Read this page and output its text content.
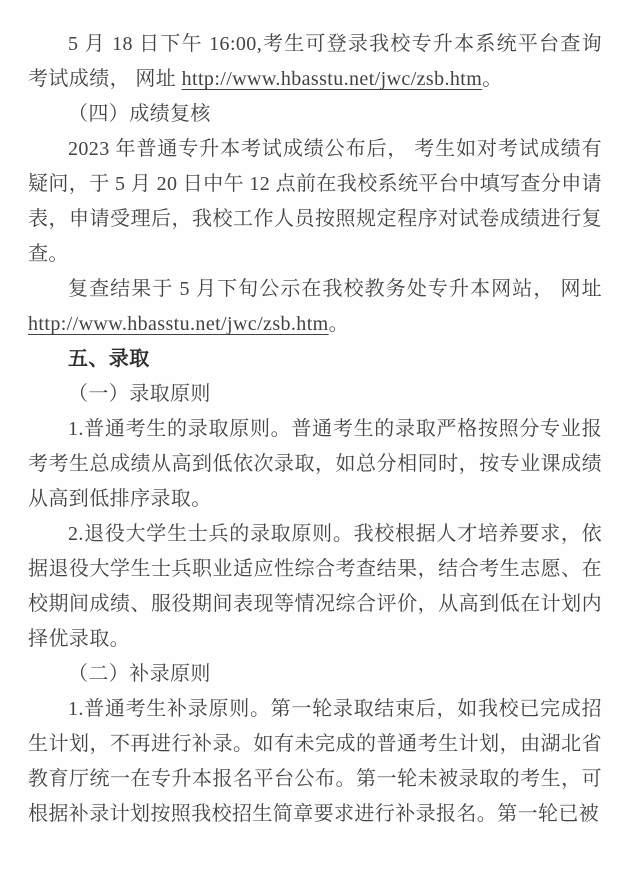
5 月 18 日下午 16:00,考生可登录我校专升本系统平台查询考试成绩， 网址 http://www.hbasstu.net/jwc/zsb.htm。

（四）成绩复核

2023 年普通专升本考试成绩公布后， 考生如对考试成绩有疑问，于 5 月 20 日中午 12 点前在我校系统平台中填写查分申请表，申请受理后，我校工作人员按照规定程序对试卷成绩进行复查。

复查结果于 5 月下旬公示在我校教务处专升本网站， 网址 http://www.hbasstu.net/jwc/zsb.htm。

五、录取

（一）录取原则

1.普通考生的录取原则。普通考生的录取严格按照分专业报考考生总成绩从高到低依次录取，如总分相同时，按专业课成绩从高到低排序录取。

2.退役大学生士兵的录取原则。我校根据人才培养要求，依据退役大学生士兵职业适应性综合考查结果，结合考生志愿、在校期间成绩、服役期间表现等情况综合评价，从高到低在计划内择优录取。

（二）补录原则

1.普通考生补录原则。第一轮录取结束后，如我校已完成招生计划，不再进行补录。如有未完成的普通考生计划，由湖北省教育厅统一在专升本报名平台公布。第一轮未被录取的考生，可根据补录计划按照我校招生简章要求进行补录报名。第一轮已被
